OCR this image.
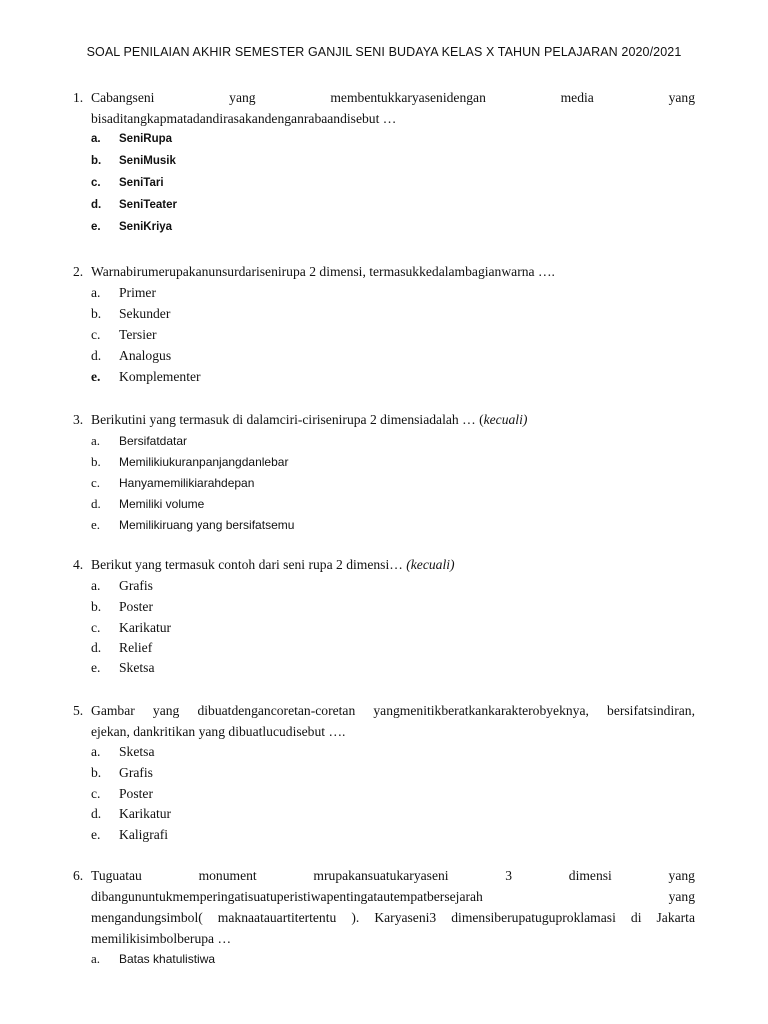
SOAL PENILAIAN AKHIR SEMESTER GANJIL SENI BUDAYA KELAS X TAHUN PELAJARAN 2020/2021
1. Cabangseni	yang	membentukkaryasenidengan	media	yang
bisaditangkapmatadandirasakandenganrabaandisebut …
a. SeniRupa
b. SeniMusik
c. SeniTari
d. SeniTeater
e. SeniKriya
2. Warnabirumerupakanunsurdarisenirupa 2 dimensi, termasukkedalambagianwarna ….
a. Primer
b. Sekunder
c. Tersier
d. Analogus
e. Komplementer
3. Berikutini yang termasuk di dalamciri-cirisenirupa 2 dimensiadalah … ( kecuali)
a. Bersifatdatar
b. Memilikiukuranpanjangdanlebar
c. Hanyamemilikiarahdepan
d. Memiliki volume
e. Memilikiruang yang bersifatsemu
4. Berikut yang termasuk contoh dari seni rupa 2 dimensi…
(kecuali)
a. Grafis
b. Poster
c. Karikatur
d. Relief
e. Sketsa
5. Gambar yang dibuatdengancoretan-coretan yangmenitikberatkankarakterobyeknya, bersifatsindiran,
ejekan, dankritikan yang dibuatlucudisebut ….
a. Sketsa
b. Grafis
c. Poster
d. Karikatur
e. Kaligrafi
6. Tuguatau	monument	mrupakansuatukaryaseni	3	dimensi	yang
dibangununtukmemperingatisuatuperistiwapentingatautempatbersejarah	yang
mengandungsimbol( maknaatauartitertentu ). Karyaseni3 dimensiberupatuguproklamasi di Jakarta
memilikisimbolberupa …
a. Batas khatulistiwa
